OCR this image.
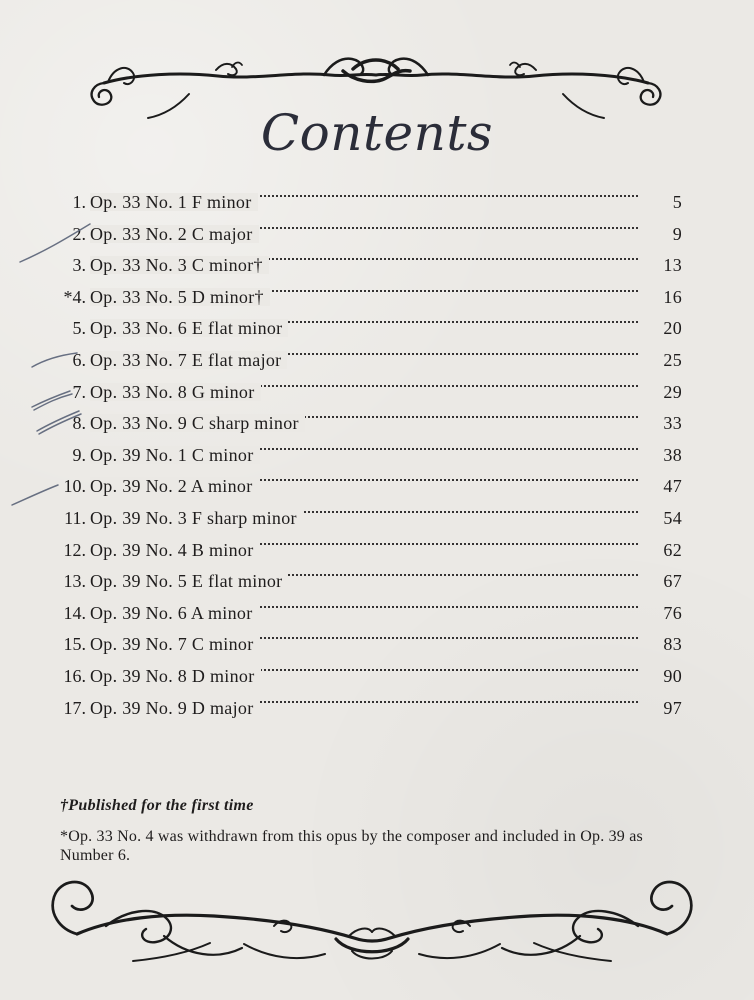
Contents
1. Op. 33 No. 1 F minor	5
2. Op. 33 No. 2 C major	9
3. Op. 33 No. 3 C minor†	13
*4. Op. 33 No. 5 D minor†	16
5. Op. 33 No. 6 E flat minor	20
6. Op. 33 No. 7 E flat major	25
7. Op. 33 No. 8 G minor	29
8. Op. 33 No. 9 C sharp minor	33
9. Op. 39 No. 1 C minor	38
10. Op. 39 No. 2 A minor	47
11. Op. 39 No. 3 F sharp minor	54
12. Op. 39 No. 4 B minor	62
13. Op. 39 No. 5 E flat minor	67
14. Op. 39 No. 6 A minor	76
15. Op. 39 No. 7 C minor	83
16. Op. 39 No. 8 D minor	90
17. Op. 39 No. 9 D major	97
†Published for the first time
*Op. 33 No. 4 was withdrawn from this opus by the composer and included in Op. 39 as Number 6.
